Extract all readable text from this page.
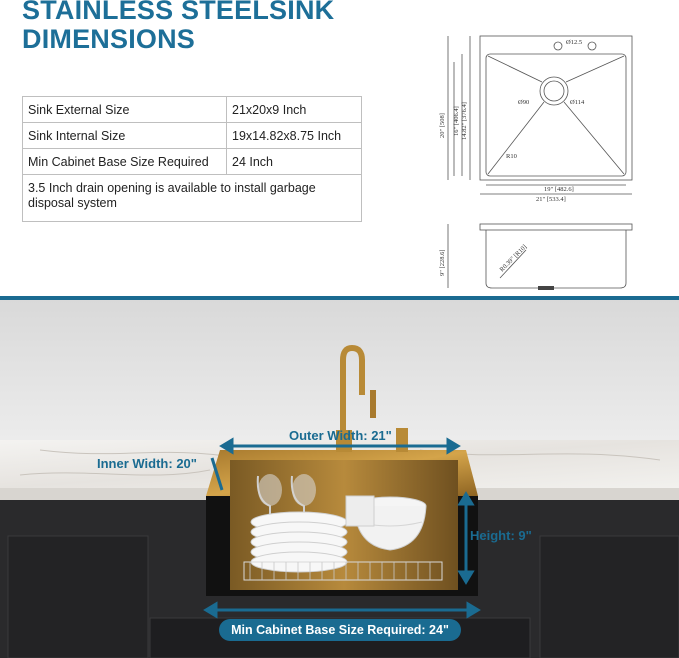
STAINLESS STEELSINK
DIMENSIONS
Sink External Size	21x20x9 Inch
Sink Internal Size	19x14.82x8.75 Inch
Min Cabinet Base Size Required	24 Inch
3.5 Inch drain opening is available to install garbage disposal system	
Ø12.5
Ø90	Ø114
R10
19" [482.6]
21" [533.4]
20" [508] 16" [406.4] 14.82" [376.4]
9" [228.6]	R0.39" [R10]
Outer Width: 21"
Inner Width: 20"
Height: 9"
Min Cabinet Base Size Required: 24"
